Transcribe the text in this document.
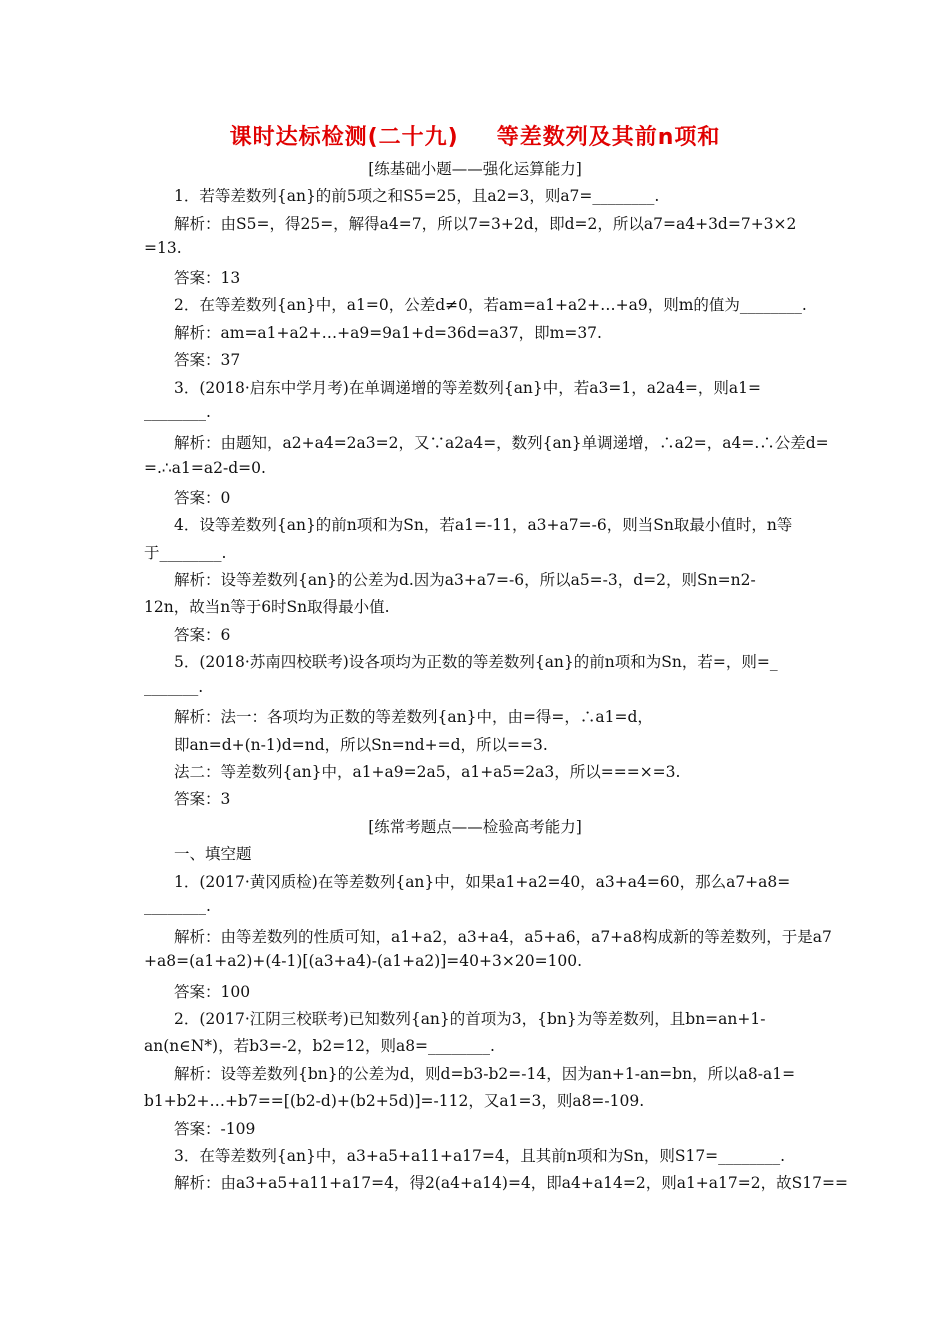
课时达标检测(二十九) 等差数列及其前n项和
[练基础小题——强化运算能力]
1．若等差数列{an}的前5项之和S5=25，且a2=3，则a7=________.
解析：由S5=，得25=，解得a4=7，所以7=3+2d，即d=2，所以a7=a4+3d=7+3×2
=13.
答案：13
2．在等差数列{an}中，a1=0，公差d≠0，若am=a1+a2+…+a9，则m的值为________.
解析：am=a1+a2+…+a9=9a1+d=36d=a37，即m=37.
答案：37
3．(2018·启东中学月考)在单调递增的等差数列{an}中，若a3=1，a2a4=，则a1=
________.
解析：由题知，a2+a4=2a3=2，又∵a2a4=，数列{an}单调递增，∴a2=，a4=.∴公差d=
=.∴a1=a2-d=0.
答案：0
4．设等差数列{an}的前n项和为Sn，若a1=-11，a3+a7=-6，则当Sn取最小值时，n等
于________.
解析：设等差数列{an}的公差为d.因为a3+a7=-6，所以a5=-3，d=2，则Sn=n2-
12n，故当n等于6时Sn取得最小值.
答案：6
5．(2018·苏南四校联考)设各项均为正数的等差数列{an}的前n项和为Sn，若=，则=_
_______.
解析：法一：各项均为正数的等差数列{an}中，由=得=，∴a1=d，
即an=d+(n-1)d=nd，所以Sn=nd+=d，所以==3.
法二：等差数列{an}中，a1+a9=2a5，a1+a5=2a3，所以===×=3.
答案：3
[练常考题点——检验高考能力]
一、填空题
1．(2017·黄冈质检)在等差数列{an}中，如果a1+a2=40，a3+a4=60，那么a7+a8=
________.
解析：由等差数列的性质可知，a1+a2，a3+a4，a5+a6，a7+a8构成新的等差数列，于是a7
+a8=(a1+a2)+(4-1)[(a3+a4)-(a1+a2)]=40+3×20=100.
答案：100
2．(2017·江阴三校联考)已知数列{an}的首项为3，{bn}为等差数列，且bn=an+1-
an(n∈N*)，若b3=-2，b2=12，则a8=________.
解析：设等差数列{bn}的公差为d，则d=b3-b2=-14，因为an+1-an=bn，所以a8-a1=
b1+b2+…+b7==[(b2-d)+(b2+5d)]=-112，又a1=3，则a8=-109.
答案：-109
3．在等差数列{an}中，a3+a5+a11+a17=4，且其前n项和为Sn，则S17=________.
解析：由a3+a5+a11+a17=4，得2(a4+a14)=4，即a4+a14=2，则a1+a17=2，故S17==
